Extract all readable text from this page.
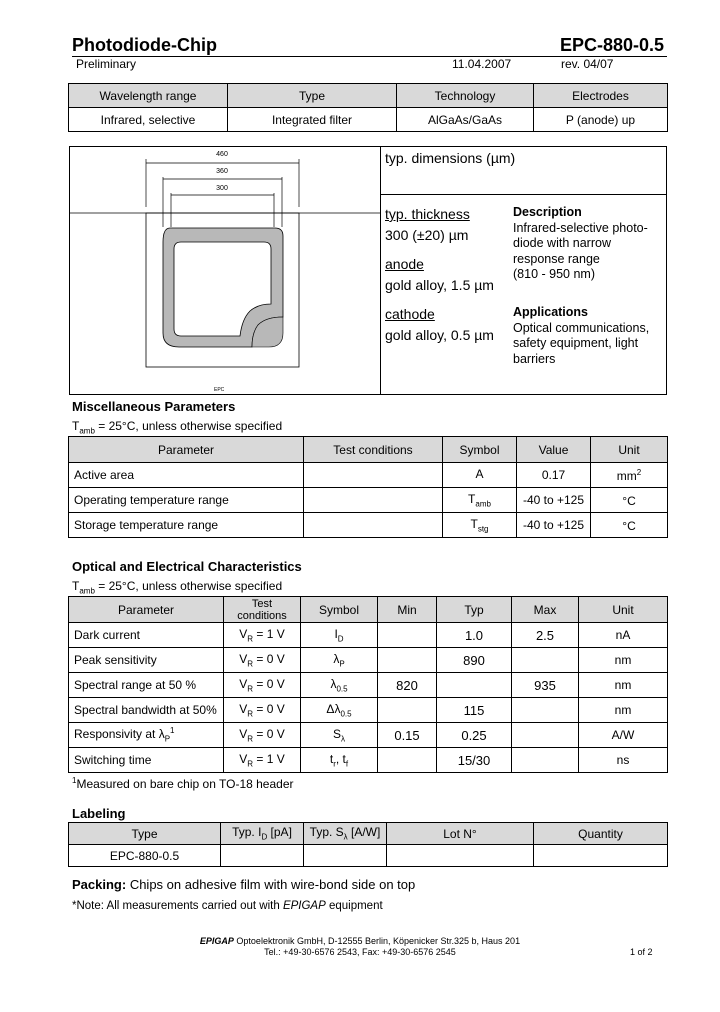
Photodiode-Chip	EPC-880-0.5
Preliminary	11.04.2007	rev. 04/07
Wavelength range	Type	Technology	Electrodes
Infrared, selective	Integrated filter	AlGaAs/GaAs	P (anode) up
460
360
300
EPC
typ. dimensions (µm)
typ. thickness
300 (±20) µm
anode
gold alloy, 1.5 µm
cathode
gold alloy, 0.5 µm
Description
Infrared-selective photo-
diode with narrow
response range
(810 - 950 nm)
Applications
Optical communications,
safety equipment, light
barriers
Miscellaneous Parameters
$T_{amb} = 25^\circ C$, unless otherwise specified
Parameter	Test conditions	Symbol	Value	Unit
Active area		A	0.17	$mm^2$
Operating temperature range		$T_{amb}$	-40 to +125	°C
Storage temperature range		$T_{stg}$	-40 to +125	°C
Optical and Electrical Characteristics
$T_{amb} = 25^\circ C$, unless otherwise specified
Parameter	Test conditions	Symbol	Min	Typ	Max	Unit
Dark current	$V_R = 1$ V	$I_D$		1.0	2.5	nA
Peak sensitivity	$V_R = 0$ V	$\lambda_P$		890		nm
Spectral range at 50 %	$V_R = 0$ V	$\lambda_{0.5}$	820		935	nm
Spectral bandwidth at 50%	$V_R = 0$ V	$\Delta\lambda_{0.5}$		115		nm
Responsivity at $\lambda_P^1$	$V_R = 0$ V	$S_\lambda$	0.15	0.25		A/W
Switching time	$V_R = 1$ V	$t_r$, $t_f$		15/30		ns
$^1$Measured on bare chip on TO-18 header
Labeling
Type	Typ. $I_D$ [pA]	Typ. $S_\lambda$ [A/W]	Lot N°	Quantity
EPC-880-0.5				
Packing: Chips on adhesive film with wire-bond side on top
*Note: All measurements carried out with EPIGAP equipment
EPIGAP Optoelektronik GmbH, D-12555 Berlin, Köpenicker Str.325 b, Haus 201
Tel.: +49-30-6576 2543, Fax: +49-30-6576 2545	1 of 2
